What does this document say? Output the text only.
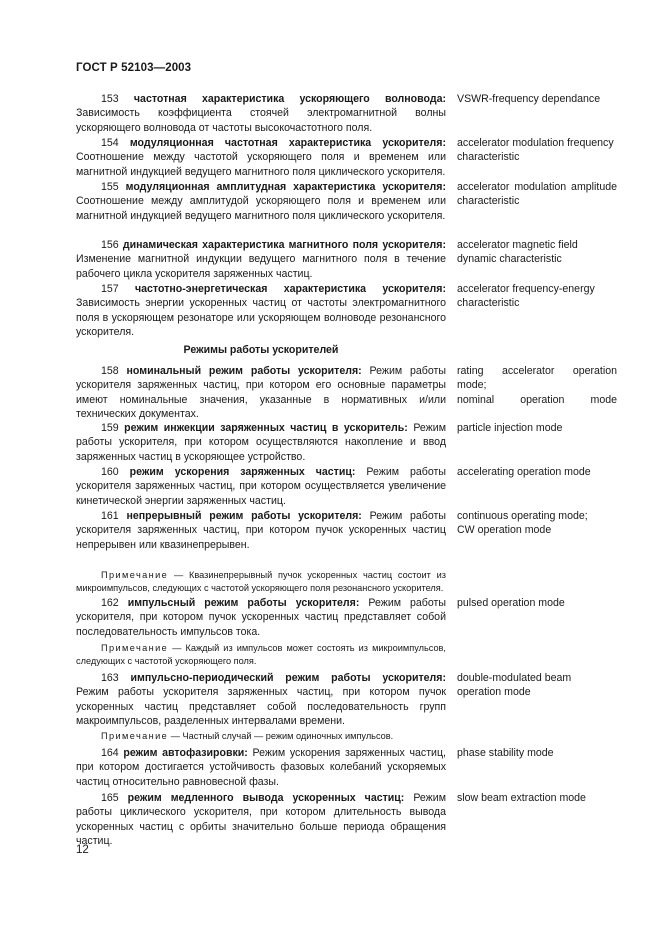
ГОСТ Р 52103—2003
153 частотная характеристика ускоряющего волновода: Зависимость коэффициента стоячей электромагнитной волны ускоряющего волновода от частоты высокочастотного поля.
VSWR-frequency dependance
154 модуляционная частотная характеристика ускорителя: Соотношение между частотой ускоряющего поля и временем или магнитной индукцией ведущего магнитного поля циклического ускорителя.
accelerator modulation frequency characteristic
155 модуляционная амплитудная характеристика ускорителя: Соотношение между амплитудой ускоряющего поля и временем или магнитной индукцией ведущего магнитного поля циклического ускорителя.
accelerator modulation amplitude characteristic
156 динамическая характеристика магнитного поля ускорителя: Изменение магнитной индукции ведущего магнитного поля в течение рабочего цикла ускорителя заряженных частиц.
accelerator magnetic field dynamic characteristic
157 частотно-энергетическая характеристика ускорителя: Зависимость энергии ускоренных частиц от частоты электромагнитного поля в ускоряющем резонаторе или ускоряющем волноводе резонансного ускорителя.
accelerator frequency-energy characteristic
Режимы работы ускорителей
158 номинальный режим работы ускорителя: Режим работы ускорителя заряженных частиц, при котором его основные параметры имеют номинальные значения, указанные в нормативных и/или технических документах.
rating accelerator operation mode;
nominal operation mode
159 режим инжекции заряженных частиц в ускоритель: Режим работы ускорителя, при котором осуществляются накопление и ввод заряженных частиц в ускоряющее устройство.
particle injection mode
160 режим ускорения заряженных частиц: Режим работы ускорителя заряженных частиц, при котором осуществляется увеличение кинетической энергии заряженных частиц.
accelerating operation mode
161 непрерывный режим работы ускорителя: Режим работы ускорителя заряженных частиц, при котором пучок ускоренных частиц непрерывен или квазинепрерывен.
continuous operating mode;
CW operation mode
Примечание — Квазинепрерывный пучок ускоренных частиц состоит из микроимпульсов, следующих с частотой ускоряющего поля резонансного ускорителя.
162 импульсный режим работы ускорителя: Режим работы ускорителя, при котором пучок ускоренных частиц представляет собой последовательность импульсов тока.
pulsed operation mode
Примечание — Каждый из импульсов может состоять из микроимпульсов, следующих с частотой ускоряющего поля.
163 импульсно-периодический режим работы ускорителя: Режим работы ускорителя заряженных частиц, при котором пучок ускоренных частиц представляет собой последовательность групп макроимпульсов, разделенных интервалами времени.
double-modulated beam operation mode
Примечание — Частный случай — режим одиночных импульсов.
164 режим автофазировки: Режим ускорения заряженных частиц, при котором достигается устойчивость фазовых колебаний ускоряемых частиц относительно равновесной фазы.
phase stability mode
165 режим медленного вывода ускоренных частиц: Режим работы циклического ускорителя, при котором длительность вывода ускоренных частиц с орбиты значительно больше периода обращения частиц.
slow beam extraction mode
12
